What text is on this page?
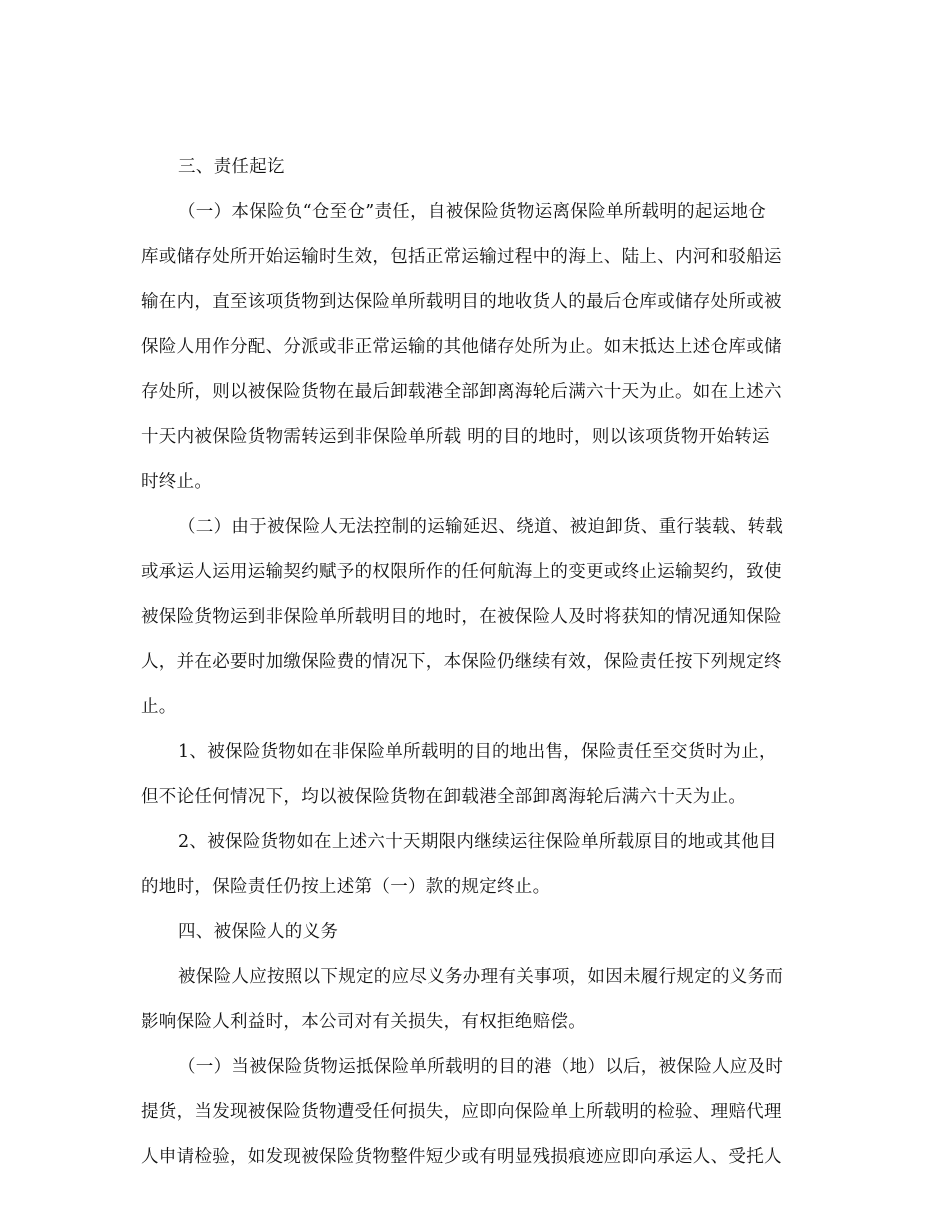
三、责任起讫

（一）本保险负“仓至仓”责任，自被保险货物运离保险单所载明的起运地仓

库或储存处所开始运输时生效，包括正常运输过程中的海上、陆上、内河和驳船运

输在内，直至该项货物到达保险单所载明目的地收货人的最后仓库或储存处所或被

保险人用作分配、分派或非正常运输的其他储存处所为止。如末抵达上述仓库或储

存处所，则以被保险货物在最后卸载港全部卸离海轮后满六十天为止。如在上述六

十天内被保险货物需转运到非保险单所载 明的目的地时，则以该项货物开始转运

时终止。

（二）由于被保险人无法控制的运输延迟、绕道、被迫卸货、重行装载、转载

或承运人运用运输契约赋予的权限所作的任何航海上的变更或终止运输契约，致使

被保险货物运到非保险单所载明目的地时，在被保险人及时将获知的情况通知保险

人，并在必要时加缴保险费的情况下，本保险仍继续有效，保险责任按下列规定终

止。

1、被保险货物如在非保险单所载明的目的地出售，保险责任至交货时为止，

但不论任何情况下，均以被保险货物在卸载港全部卸离海轮后满六十天为止。

2、被保险货物如在上述六十天期限内继续运往保险单所载原目的地或其他目

的地时，保险责任仍按上述第（一）款的规定终止。

四、被保险人的义务

被保险人应按照以下规定的应尽义务办理有关事项，如因未履行规定的义务而

影响保险人利益时，本公司对有关损失，有权拒绝赔偿。

（一）当被保险货物运抵保险单所载明的目的港（地）以后，被保险人应及时

提货，当发现被保险货物遭受任何损失，应即向保险单上所载明的检验、理赔代理

人申请检验，如发现被保险货物整件短少或有明显残损痕迹应即向承运人、受托人
